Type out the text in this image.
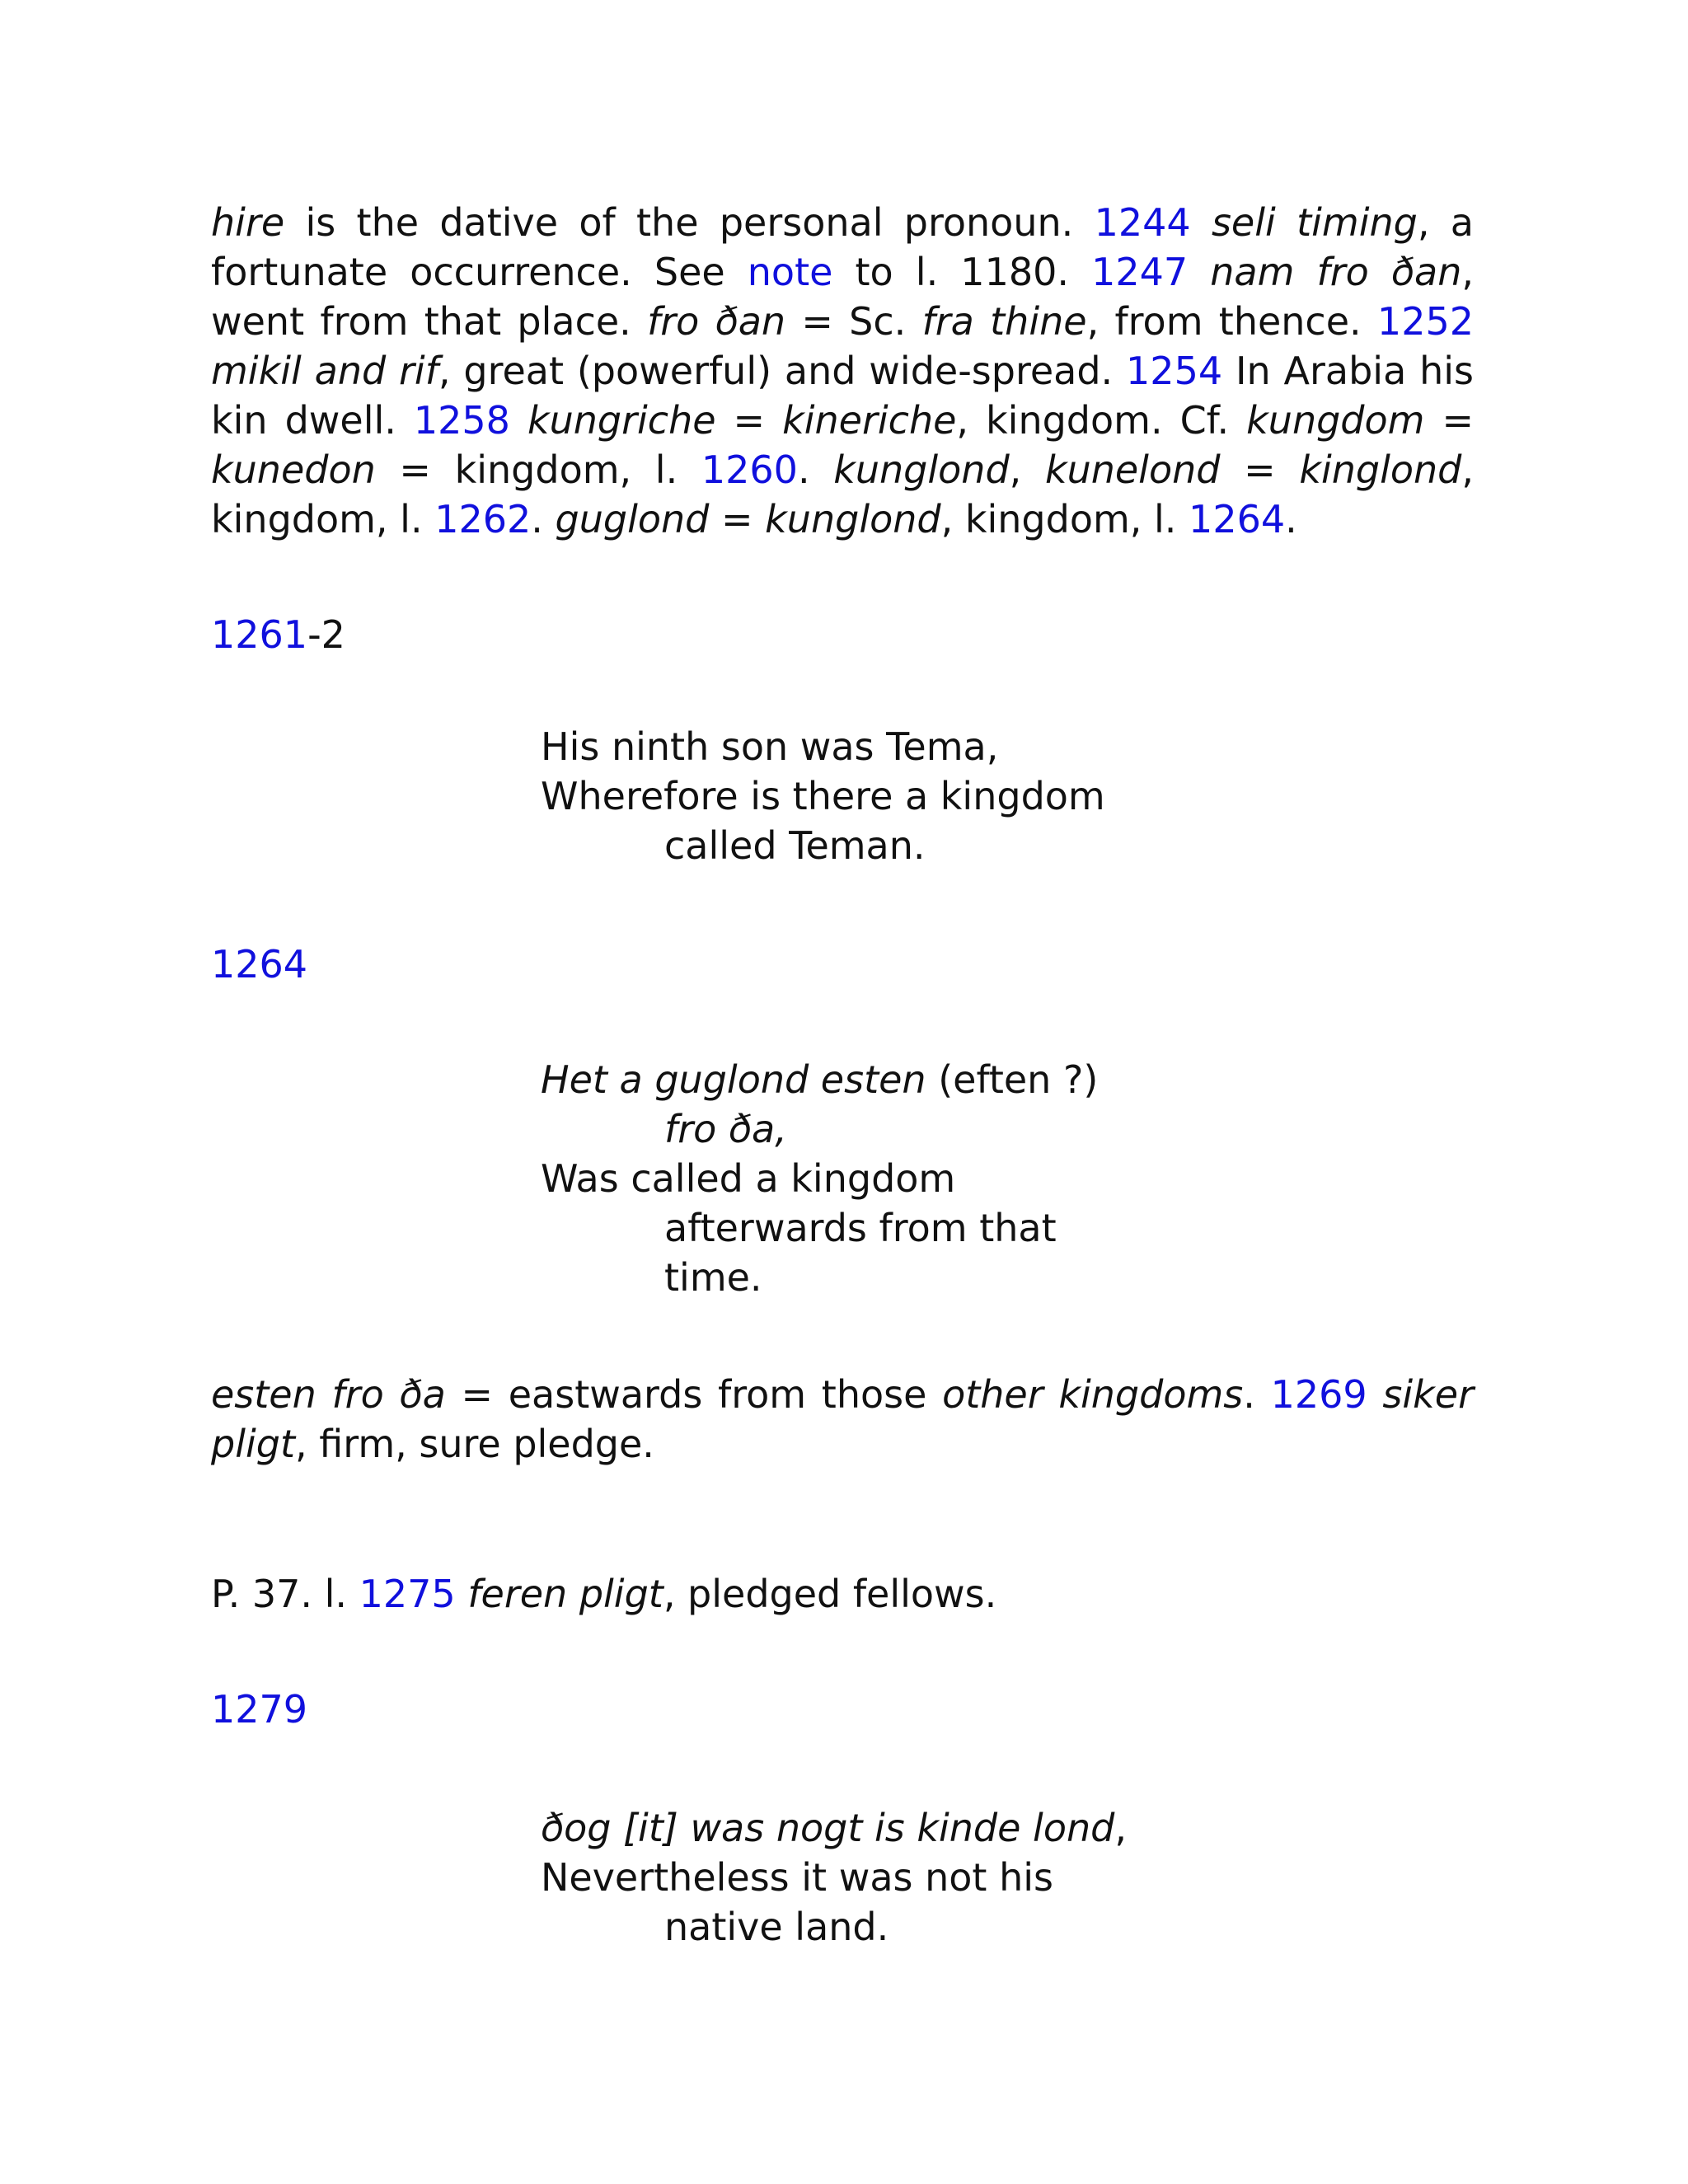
hire is the dative of the personal pronoun. 1244 seli timing, a fortunate occurrence. See note to l. 1180. 1247 nam fro ðan, went from that place. fro ðan = Sc. fra thine, from thence. 1252 mikil and rif, great (powerful) and wide-spread. 1254 In Arabia his kin dwell. 1258 kungriche = kineriche, kingdom. Cf. kungdom = kunedon = kingdom, l. 1260. kunglond, kunelond = kinglond, kingdom, l. 1262. guglond = kunglond, kingdom, l. 1264.

1261-2

His ninth son was Tema,
Wherefore is there a kingdom
called Teman.

1264

Het a guglond esten (eften ?)
fro ða,
Was called a kingdom
afterwards from that
time.

esten fro ða = eastwards from those other kingdoms. 1269 siker pligt, firm, sure pledge.

P. 37. l. 1275 feren pligt, pledged fellows.

1279

ðog [it] was nogt is kinde lond,
Nevertheless it was not his
native land.
